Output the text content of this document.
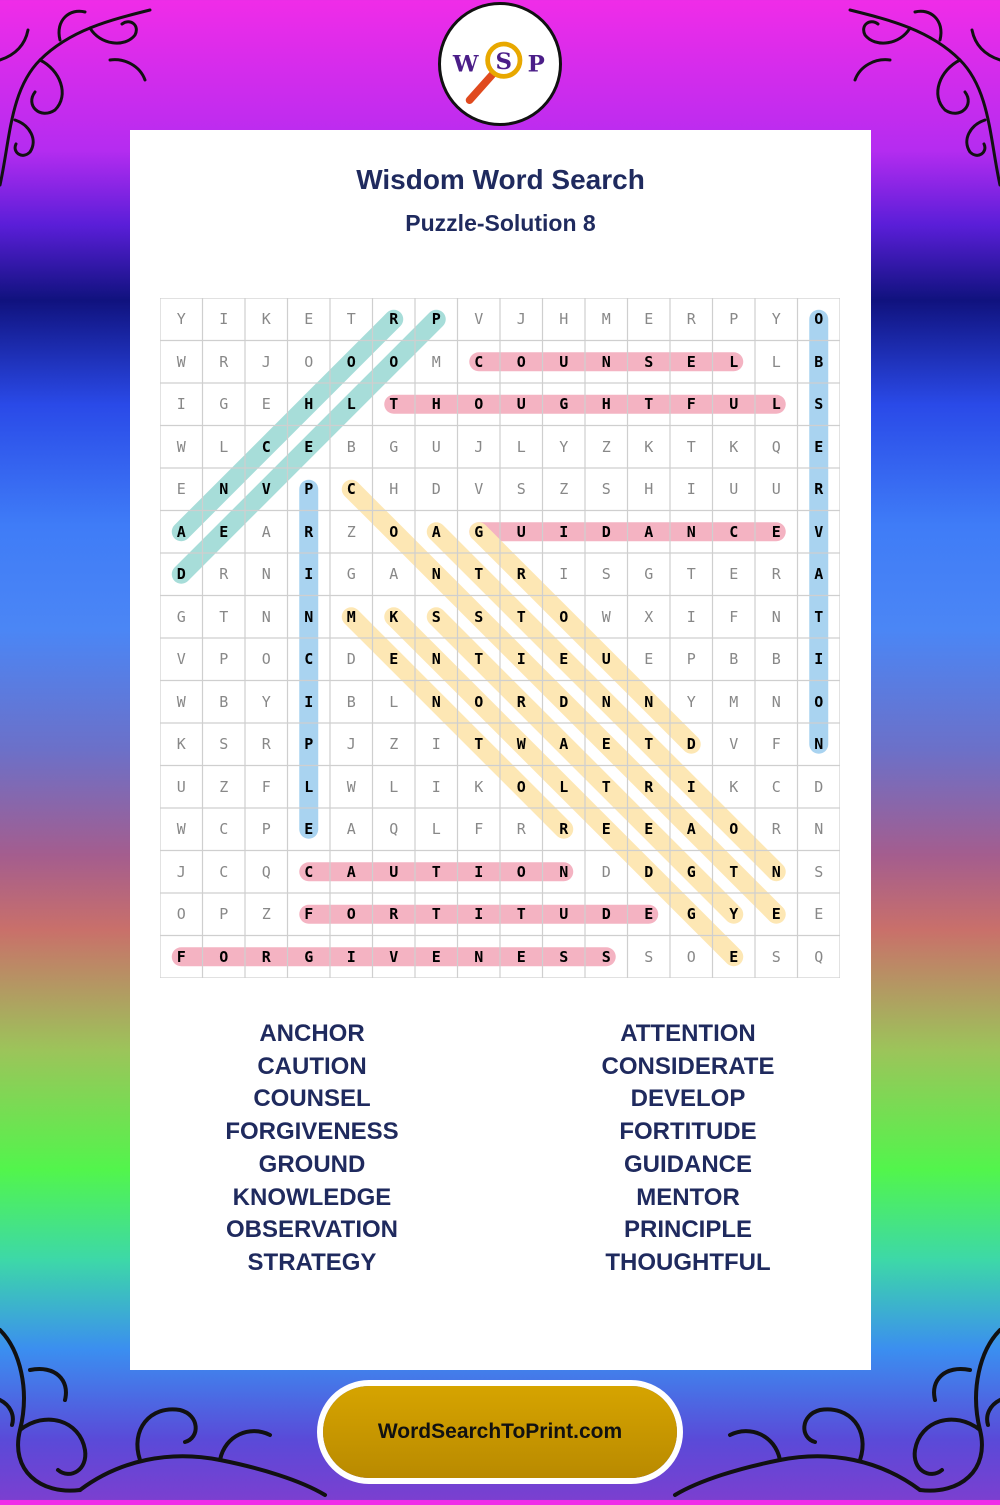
W S P
Wisdom Word Search
Puzzle-Solution 8
Y	I	K	E	T	R	P	V	J	H	M	E	R	P	Y	O
W	R	J	O	O	O	M	C	O	U	N	S	E	L	L	B
I	G	E	H	L	T	H	O	U	G	H	T	F	U	L	S
W	L	C	E	B	G	U	J	L	Y	Z	K	T	K	Q	E
E	N	V	P	C	H	D	V	S	Z	S	H	I	U	U	R
A	E	A	R	Z	O	A	G	U	I	D	A	N	C	E	V
D	R	N	I	G	A	N	T	R	I	S	G	T	E	R	A
G	T	N	N	M	K	S	S	T	O	W	X	I	F	N	T
V	P	O	C	D	E	N	T	I	E	U	E	P	B	B	I
W	B	Y	I	B	L	N	O	R	D	N	N	Y	M	N	O
K	S	R	P	J	Z	I	T	W	A	E	T	D	V	F	N
U	Z	F	L	W	L	I	K	O	L	T	R	I	K	C	D
W	C	P	E	A	Q	L	F	R	R	E	E	A	O	R	N
J	C	Q	C	A	U	T	I	O	N	D	D	G	T	N	S
O	P	Z	F	O	R	T	I	T	U	D	E	G	Y	E	E
F	O	R	G	I	V	E	N	E	S	S	S	O	E	S	Q
ANCHOR
CAUTION
COUNSEL
FORGIVENESS
GROUND
KNOWLEDGE
OBSERVATION
STRATEGY
ATTENTION
CONSIDERATE
DEVELOP
FORTITUDE
GUIDANCE
MENTOR
PRINCIPLE
THOUGHTFUL
WordSearchToPrint.com
